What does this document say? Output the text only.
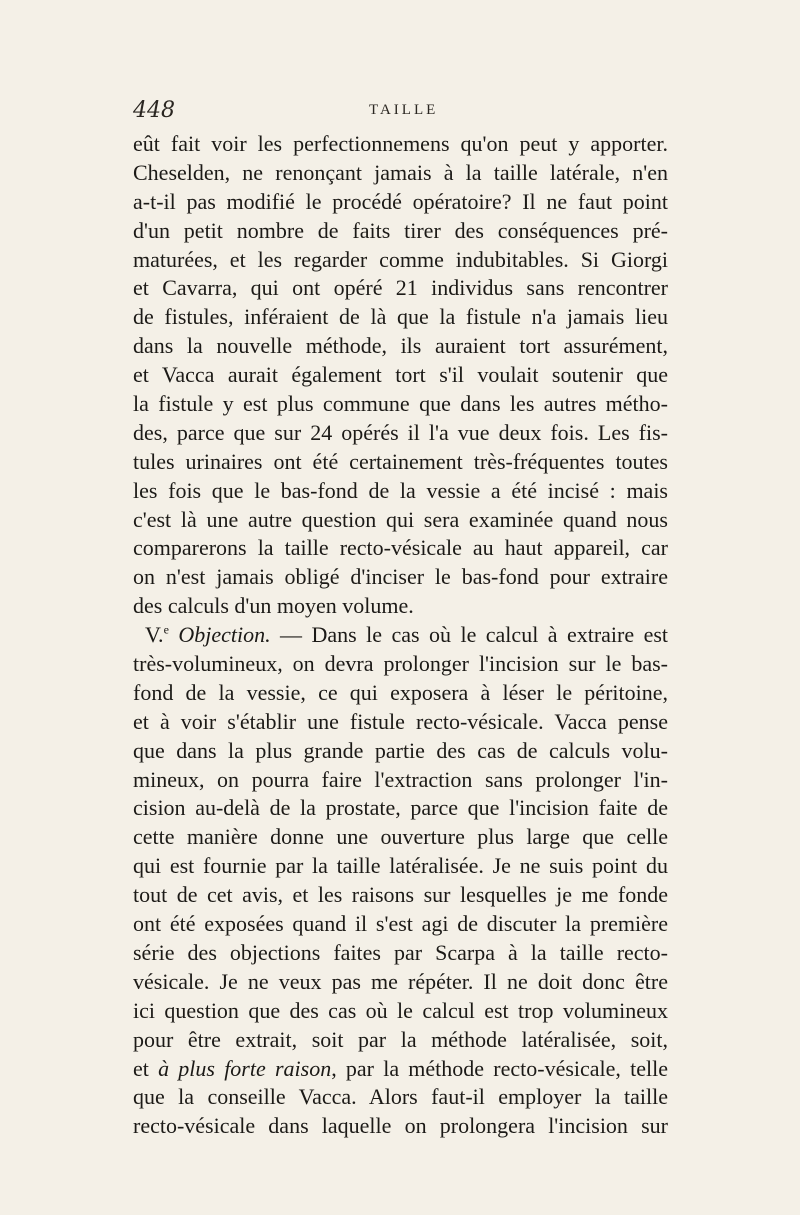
448	TAILLE
eût fait voir les perfectionnemens qu'on peut y apporter.
Cheselden, ne renonçant jamais à la taille latérale, n'en
a-t-il pas modifié le procédé opératoire? Il ne faut point
d'un petit nombre de faits tirer des conséquences pré-
maturées, et les regarder comme indubitables. Si Giorgi
et Cavarra, qui ont opéré 21 individus sans rencontrer
de fistules, inféraient de là que la fistule n'a jamais lieu
dans la nouvelle méthode, ils auraient tort assurément,
et Vacca aurait également tort s'il voulait soutenir que
la fistule y est plus commune que dans les autres métho-
des, parce que sur 24 opérés il l'a vue deux fois. Les fis-
tules urinaires ont été certainement très-fréquentes toutes
les fois que le bas-fond de la vessie a été incisé : mais
c'est là une autre question qui sera examinée quand nous
comparerons la taille recto-vésicale au haut appareil, car
on n'est jamais obligé d'inciser le bas-fond pour extraire
des calculs d'un moyen volume.
V.$^e$ Objection. — Dans le cas où le calcul à extraire est
très-volumineux, on devra prolonger l'incision sur le bas-
fond de la vessie, ce qui exposera à léser le péritoine,
et à voir s'établir une fistule recto-vésicale. Vacca pense
que dans la plus grande partie des cas de calculs volu-
mineux, on pourra faire l'extraction sans prolonger l'in-
cision au-delà de la prostate, parce que l'incision faite de
cette manière donne une ouverture plus large que celle
qui est fournie par la taille latéralisée. Je ne suis point du
tout de cet avis, et les raisons sur lesquelles je me fonde
ont été exposées quand il s'est agi de discuter la première
série des objections faites par Scarpa à la taille recto-
vésicale. Je ne veux pas me répéter. Il ne doit donc être
ici question que des cas où le calcul est trop volumineux
pour être extrait, soit par la méthode latéralisée, soit,
et à plus forte raison, par la méthode recto-vésicale, telle
que la conseille Vacca. Alors faut-il employer la taille
recto-vésicale dans laquelle on prolongera l'incision sur
